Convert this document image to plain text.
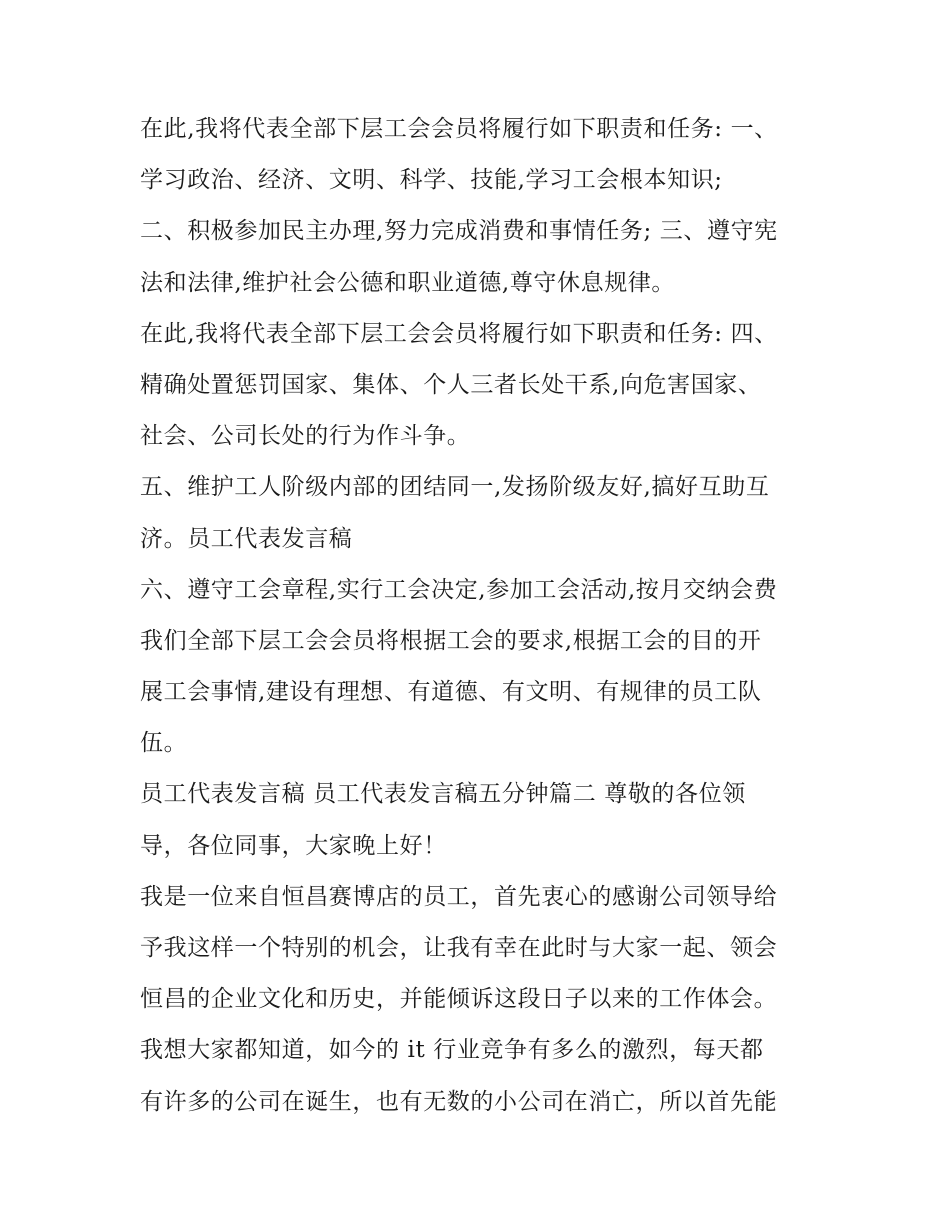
在此,我将代表全部下层工会会员将履行如下职责和任务: 一、
学习政治、经济、文明、科学、技能,学习工会根本知识;
二、积极参加民主办理,努力完成消费和事情任务; 三、遵守宪
法和法律,维护社会公德和职业道德,尊守休息规律。
在此,我将代表全部下层工会会员将履行如下职责和任务: 四、
精确处置惩罚国家、集体、个人三者长处干系,向危害国家、
社会、公司长处的行为作斗争。
五、维护工人阶级内部的团结同一,发扬阶级友好,搞好互助互
济。员工代表发言稿
六、遵守工会章程,实行工会决定,参加工会活动,按月交纳会费
我们全部下层工会会员将根据工会的要求,根据工会的目的开
展工会事情,建设有理想、有道德、有文明、有规律的员工队
伍。
员工代表发言稿 员工代表发言稿五分钟篇二 尊敬的各位领
导，各位同事，大家晚上好！
我是一位来自恒昌赛博店的员工，首先衷心的感谢公司领导给
予我这样一个特别的机会，让我有幸在此时与大家一起、领会
恒昌的企业文化和历史，并能倾诉这段日子以来的工作体会。
我想大家都知道，如今的 it 行业竞争有多么的激烈，每天都
有许多的公司在诞生，也有无数的小公司在消亡，所以首先能
